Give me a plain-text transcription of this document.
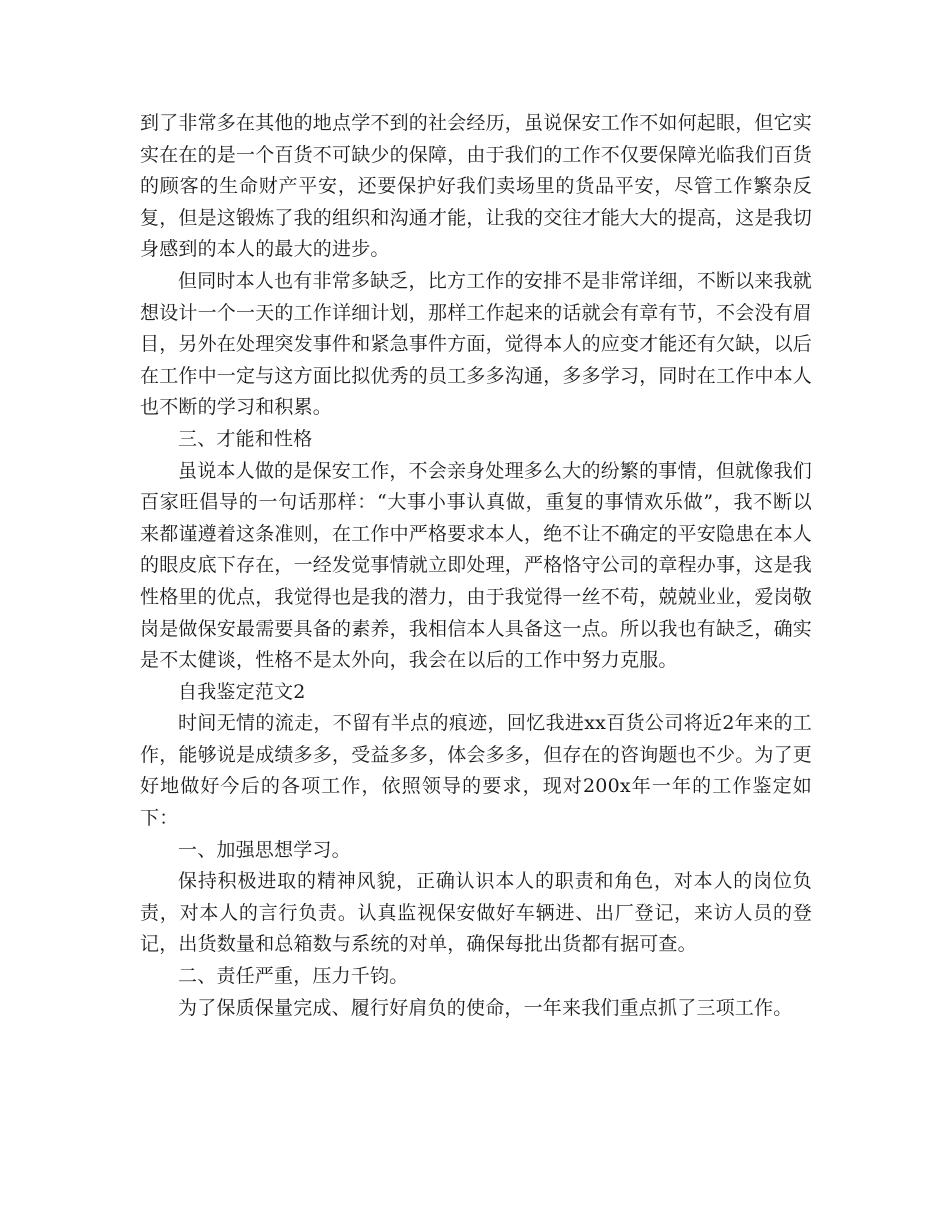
到了非常多在其他的地点学不到的社会经历，虽说保安工作不如何起眼，但它实实在在的是一个百货不可缺少的保障，由于我们的工作不仅要保障光临我们百货的顾客的生命财产平安，还要保护好我们卖场里的货品平安，尽管工作繁杂反复，但是这锻炼了我的组织和沟通才能，让我的交往才能大大的提高，这是我切身感到的本人的最大的进步。

但同时本人也有非常多缺乏，比方工作的安排不是非常详细，不断以来我就想设计一个一天的工作详细计划，那样工作起来的话就会有章有节，不会没有眉目，另外在处理突发事件和紧急事件方面，觉得本人的应变才能还有欠缺，以后在工作中一定与这方面比拟优秀的员工多多沟通，多多学习，同时在工作中本人也不断的学习和积累。

三、才能和性格

虽说本人做的是保安工作，不会亲身处理多么大的纷繁的事情，但就像我们百家旺倡导的一句话那样：“大事小事认真做，重复的事情欢乐做”，我不断以来都谨遵着这条准则，在工作中严格要求本人，绝不让不确定的平安隐患在本人的眼皮底下存在，一经发觉事情就立即处理，严格恪守公司的章程办事，这是我性格里的优点，我觉得也是我的潜力，由于我觉得一丝不苟，兢兢业业，爱岗敬岗是做保安最需要具备的素养，我相信本人具备这一点。所以我也有缺乏，确实是不太健谈，性格不是太外向，我会在以后的工作中努力克服。

自我鉴定范文2

时间无情的流走，不留有半点的痕迹，回忆我进xx百货公司将近2年来的工作，能够说是成绩多多，受益多多，体会多多，但存在的咨询题也不少。为了更好地做好今后的各项工作，依照领导的要求，现对200x年一年的工作鉴定如下：

一、加强思想学习。

保持积极进取的精神风貌，正确认识本人的职责和角色，对本人的岗位负责，对本人的言行负责。认真监视保安做好车辆进、出厂登记，来访人员的登记，出货数量和总箱数与系统的对单，确保每批出货都有据可查。

二、责任严重，压力千钧。

为了保质保量完成、履行好肩负的使命，一年来我们重点抓了三项工作。
